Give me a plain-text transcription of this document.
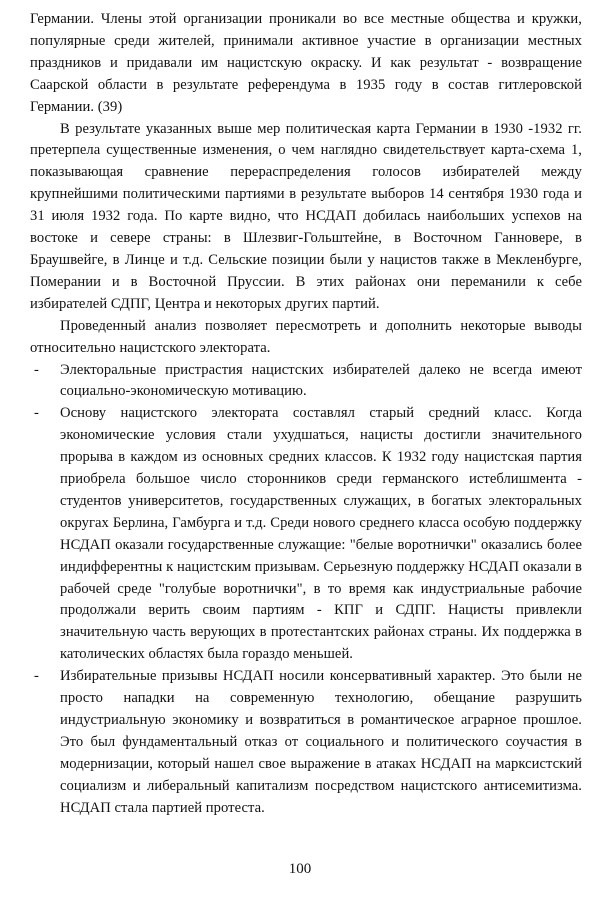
Германии. Члены этой организации проникали во все местные общества и кружки, популярные среди жителей, принимали активное участие в организации местных праздников и придавали им нацистскую окраску. И как результат - возвращение Саарской области в результате референдума в 1935 году в состав гитлеровской Германии. (39)

В результате указанных выше мер политическая карта Германии в 1930 -1932 гг. претерпела существенные изменения, о чем наглядно свидетельствует карта-схема 1, показывающая сравнение перераспределения голосов избирателей между крупнейшими политическими партиями в результате выборов 14 сентября 1930 года и 31 июля 1932 года. По карте видно, что НСДАП добилась наибольших успехов на востоке и севере страны: в Шлезвиг-Гольштейне, в Восточном Ганновере, в Браушвейге, в Линце и т.д. Сельские позиции были у нацистов также в Мекленбурге, Померании и в Восточной Пруссии. В этих районах они переманили к себе избирателей СДПГ, Центра и некоторых других партий.

Проведенный анализ позволяет пересмотреть и дополнить некоторые выводы относительно нацистского электората.

- Электоральные пристрастия нацистских избирателей далеко не всегда имеют социально-экономическую мотивацию.
- Основу нацистского электората составлял старый средний класс. Когда экономические условия стали ухудшаться, нацисты достигли значительного прорыва в каждом из основных средних классов. К 1932 году нацистская партия приобрела большое число сторонников среди германского истеблишмента - студентов университетов, государственных служащих, в богатых электоральных округах Берлина, Гамбурга и т.д. Среди нового среднего класса особую поддержку НСДАП оказали государственные служащие: "белые воротнички" оказались более индифферентны к нацистским призывам. Серьезную поддержку НСДАП оказали в рабочей среде "голубые воротнички", в то время как индустриальные рабочие продолжали верить своим партиям - КПГ и СДПГ. Нацисты привлекли значительную часть верующих в протестантских районах страны. Их поддержка в католических областях была гораздо меньшей.
- Избирательные призывы НСДАП носили консервативный характер. Это были не просто нападки на современную технологию, обещание разрушить индустриальную экономику и возвратиться в романтическое аграрное прошлое. Это был фундаментальный отказ от социального и политического соучастия в модернизации, который нашел свое выражение в атаках НСДАП на марксистский социализм и либеральный капитализм посредством нацистского антисемитизма. НСДАП стала партией протеста.
100
